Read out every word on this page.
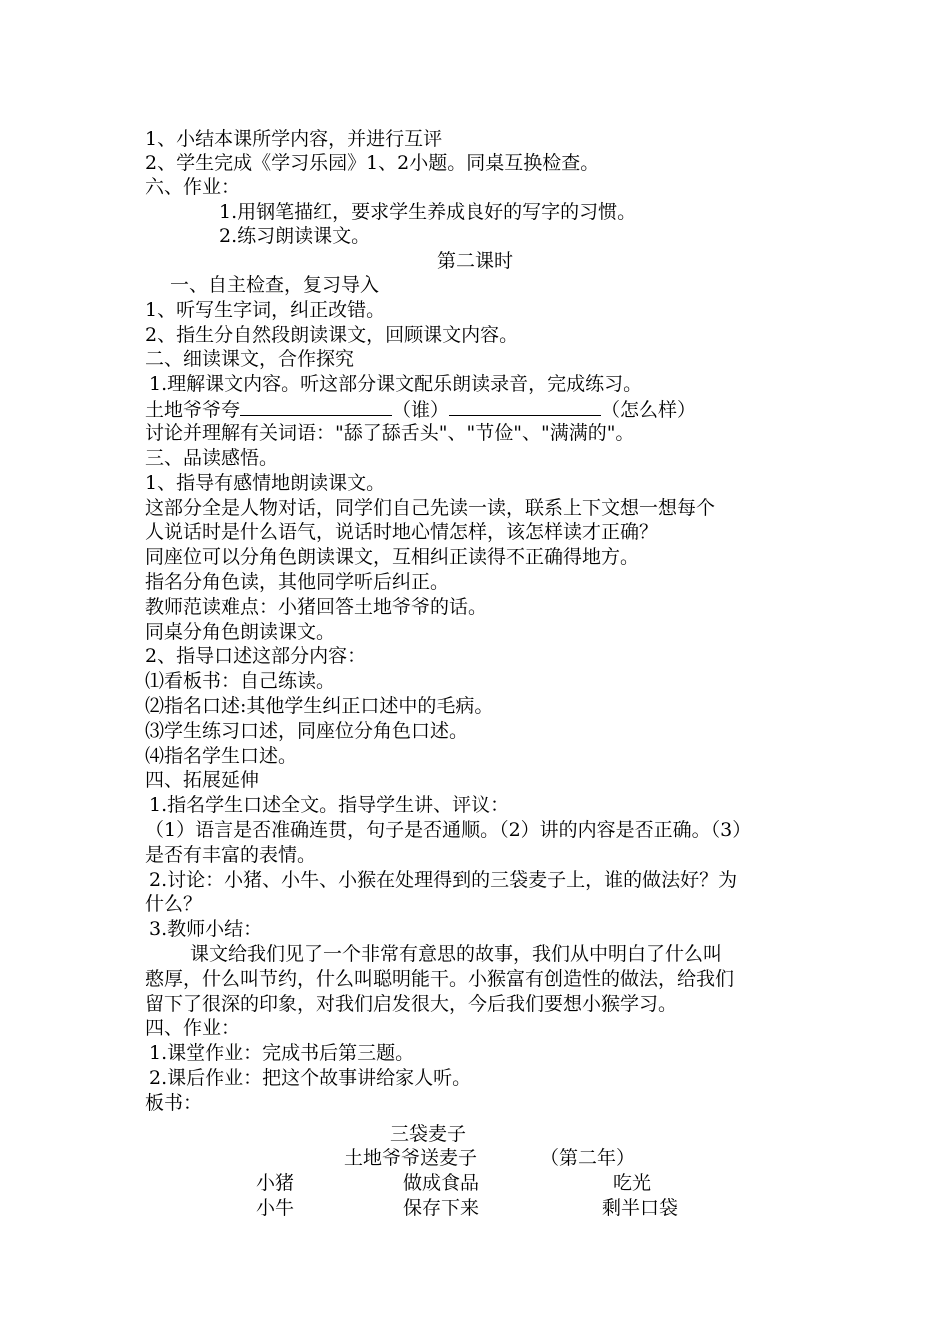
1、小结本课所学内容，并进行互评
2、学生完成《学习乐园》1、2小题。同桌互换检查。
六、作业：
1.用钢笔描红，要求学生养成良好的写字的习惯。
2.练习朗读课文。
第二课时
一、自主检查，复习导入
1、听写生字词，纠正改错。
2、指生分自然段朗读课文，回顾课文内容。
二、细读课文，合作探究
1.理解课文内容。听这部分课文配乐朗读录音，完成练习。
土地爷爷夸	（谁）	（怎么样）
讨论并理解有关词语："舔了舔舌头"、"节俭"、"满满的"。
三、品读感悟。
1、指导有感情地朗读课文。
这部分全是人物对话，同学们自己先读一读，联系上下文想一想每个
人说话时是什么语气，说话时地心情怎样，该怎样读才正确？
同座位可以分角色朗读课文，互相纠正读得不正确得地方。
指名分角色读，其他同学听后纠正。
教师范读难点：小猪回答土地爷爷的话。
同桌分角色朗读课文。
2、指导口述这部分内容：
⑴看板书：自己练读。
⑵指名口述:其他学生纠正口述中的毛病。
⑶学生练习口述，同座位分角色口述。
⑷指名学生口述。
四、拓展延伸
1.指名学生口述全文。指导学生讲、评议：
（1）语言是否准确连贯，句子是否通顺。（2）讲的内容是否正确。（3）
是否有丰富的表情。
2.讨论：小猪、小牛、小猴在处理得到的三袋麦子上，谁的做法好？为
什么？
3.教师小结：
课文给我们见了一个非常有意思的故事，我们从中明白了什么叫
憨厚，什么叫节约，什么叫聪明能干。小猴富有创造性的做法，给我们
留下了很深的印象，对我们启发很大，今后我们要想小猴学习。
四、作业：
1.课堂作业：完成书后第三题。
2.课后作业：把这个故事讲给家人听。
板书：
三袋麦子
土地爷爷送麦子	（第二年）
小猪	做成食品	吃光
小牛	保存下来	剩半口袋
